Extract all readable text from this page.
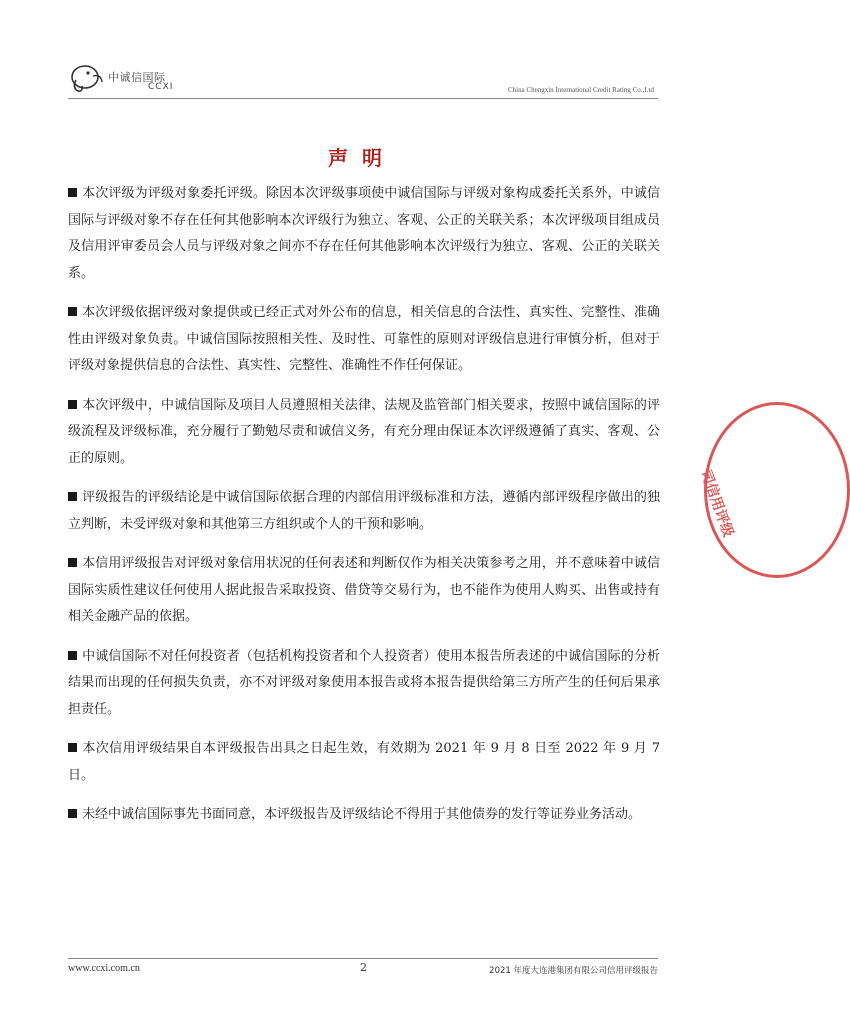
中诚信国际
CCXI	China Chengxin International Credit Rating Co.,Ltd
声明

本次评级为评级对象委托评级。除因本次评级事项使中诚信国际与评级对象构成委托关系外，中诚信国际与评级对象不存在任何其他影响本次评级行为独立、客观、公正的关联关系；本次评级项目组成员及信用评审委员会人员与评级对象之间亦不存在任何其他影响本次评级行为独立、客观、公正的关联关系。

本次评级依据评级对象提供或已经正式对外公布的信息，相关信息的合法性、真实性、完整性、准确性由评级对象负责。中诚信国际按照相关性、及时性、可靠性的原则对评级信息进行审慎分析，但对于评级对象提供信息的合法性、真实性、完整性、准确性不作任何保证。

本次评级中，中诚信国际及项目人员遵照相关法律、法规及监管部门相关要求，按照中诚信国际的评级流程及评级标准，充分履行了勤勉尽责和诚信义务，有充分理由保证本次评级遵循了真实、客观、公正的原则。

评级报告的评级结论是中诚信国际依据合理的内部信用评级标准和方法，遵循内部评级程序做出的独立判断，未受评级对象和其他第三方组织或个人的干预和影响。

本信用评级报告对评级对象信用状况的任何表述和判断仅作为相关决策参考之用，并不意味着中诚信国际实质性建议任何使用人据此报告采取投资、借贷等交易行为，也不能作为使用人购买、出售或持有相关金融产品的依据。

中诚信国际不对任何投资者（包括机构投资者和个人投资者）使用本报告所表述的中诚信国际的分析结果而出现的任何损失负责，亦不对评级对象使用本报告或将本报告提供给第三方所产生的任何后果承担责任。

本次信用评级结果自本评级报告出具之日起生效，有效期为 2021 年 9 月 8 日至 2022 年 9 月 7 日。

未经中诚信国际事先书面同意，本评级报告及评级结论不得用于其他债券的发行等证券业务活动。

司信用评级
www.ccxi.com.cn	2	2021 年度大连港集团有限公司信用评级报告
